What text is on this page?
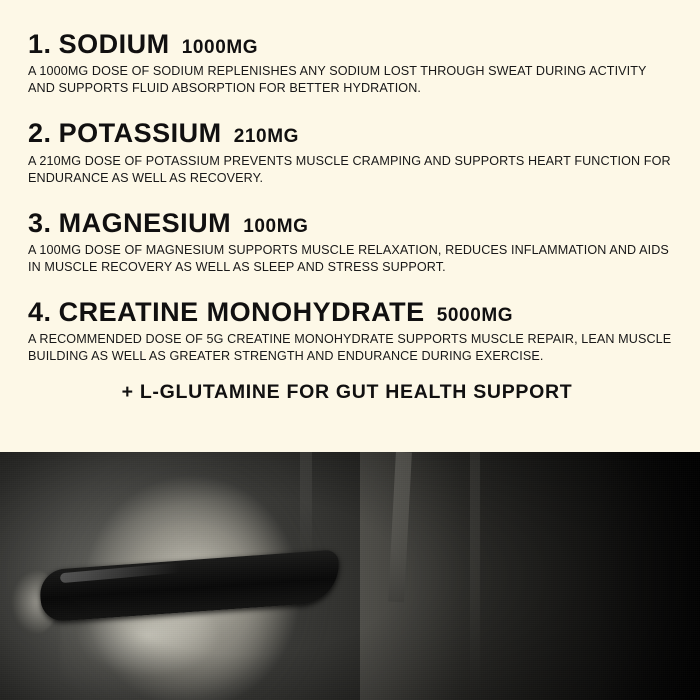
1. SODIUM 1000MG

A 1000MG DOSE OF SODIUM REPLENISHES ANY SODIUM LOST THROUGH SWEAT DURING ACTIVITY AND SUPPORTS FLUID ABSORPTION FOR BETTER HYDRATION.

2. POTASSIUM 210MG

A 210MG DOSE OF POTASSIUM PREVENTS MUSCLE CRAMPING AND SUPPORTS HEART FUNCTION FOR ENDURANCE AS WELL AS RECOVERY.

3. MAGNESIUM 100MG

A 100MG DOSE OF MAGNESIUM SUPPORTS MUSCLE RELAXATION, REDUCES INFLAMMATION AND AIDS IN MUSCLE RECOVERY AS WELL AS SLEEP AND STRESS SUPPORT.

4. CREATINE MONOHYDRATE 5000MG

A RECOMMENDED DOSE OF 5G CREATINE MONOHYDRATE SUPPORTS MUSCLE REPAIR, LEAN MUSCLE BUILDING AS WELL AS GREATER STRENGTH AND ENDURANCE DURING EXERCISE.

+ L-GLUTAMINE FOR GUT HEALTH SUPPORT
